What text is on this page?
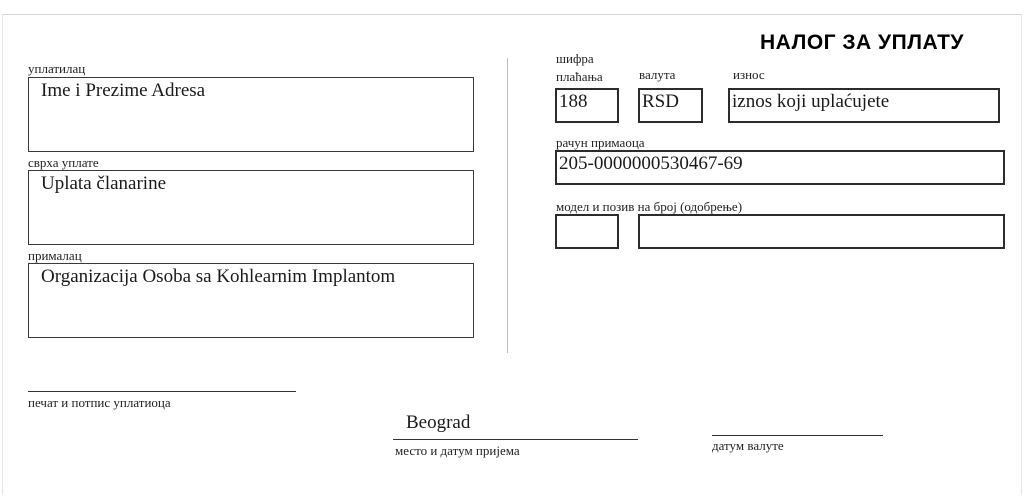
НАЛОГ ЗА УПЛАТУ
уплатилац
Ime i Prezime Adresa
сврха уплате
Uplata članarine
прималац
Organizacija Osoba sa Kohlearnim Implantom
шифра
плаћања	валута	износ
188	RSD	iznos koji uplaćujete
рачун примаоца
205-0000000530467-69
модел и позив на број (одобрење)
печат и потпис уплатиоца
Beograd
место и датум пријема	датум валуте
